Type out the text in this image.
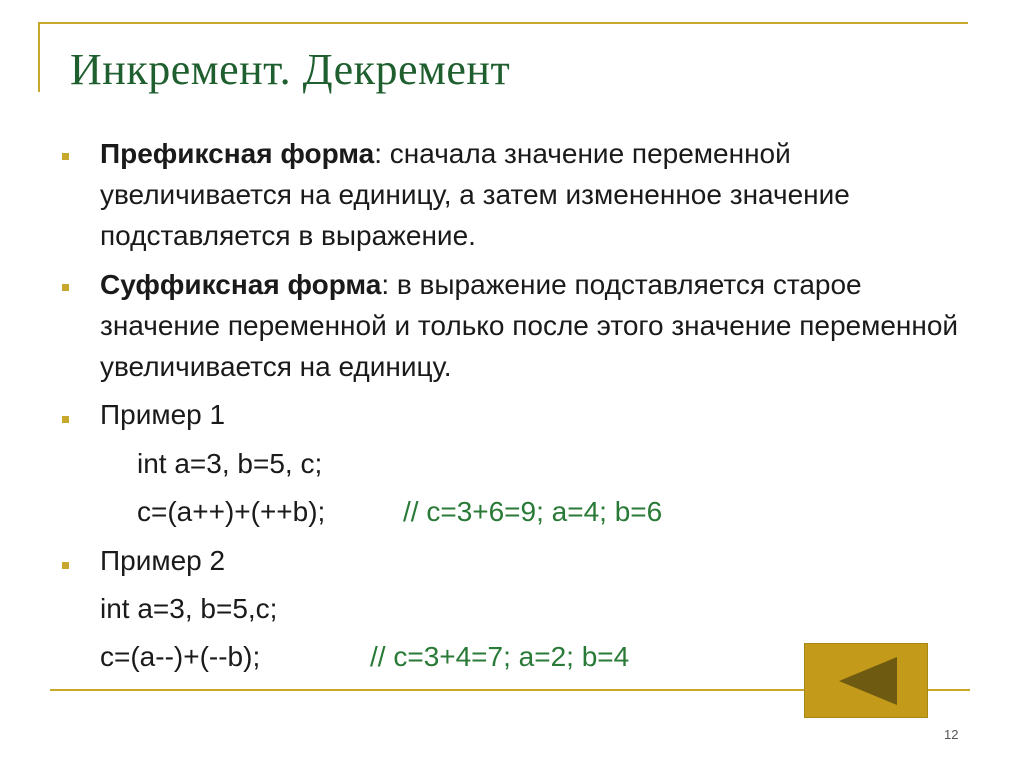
Инкремент. Декремент

Префиксная форма: сначала значение переменной увеличивается на единицу, а затем измененное значение подставляется в выражение.

Суффиксная форма: в выражение подставляется старое значение переменной и только после этого значение переменной увеличивается на единицу.

Пример 1
int a=3, b=5, c;
c=(a++)+(++b);	// c=3+6=9; a=4; b=6
Пример 2
int a=3, b=5,c;
c=(a--)+(--b);	// c=3+4=7; a=2; b=4
12
